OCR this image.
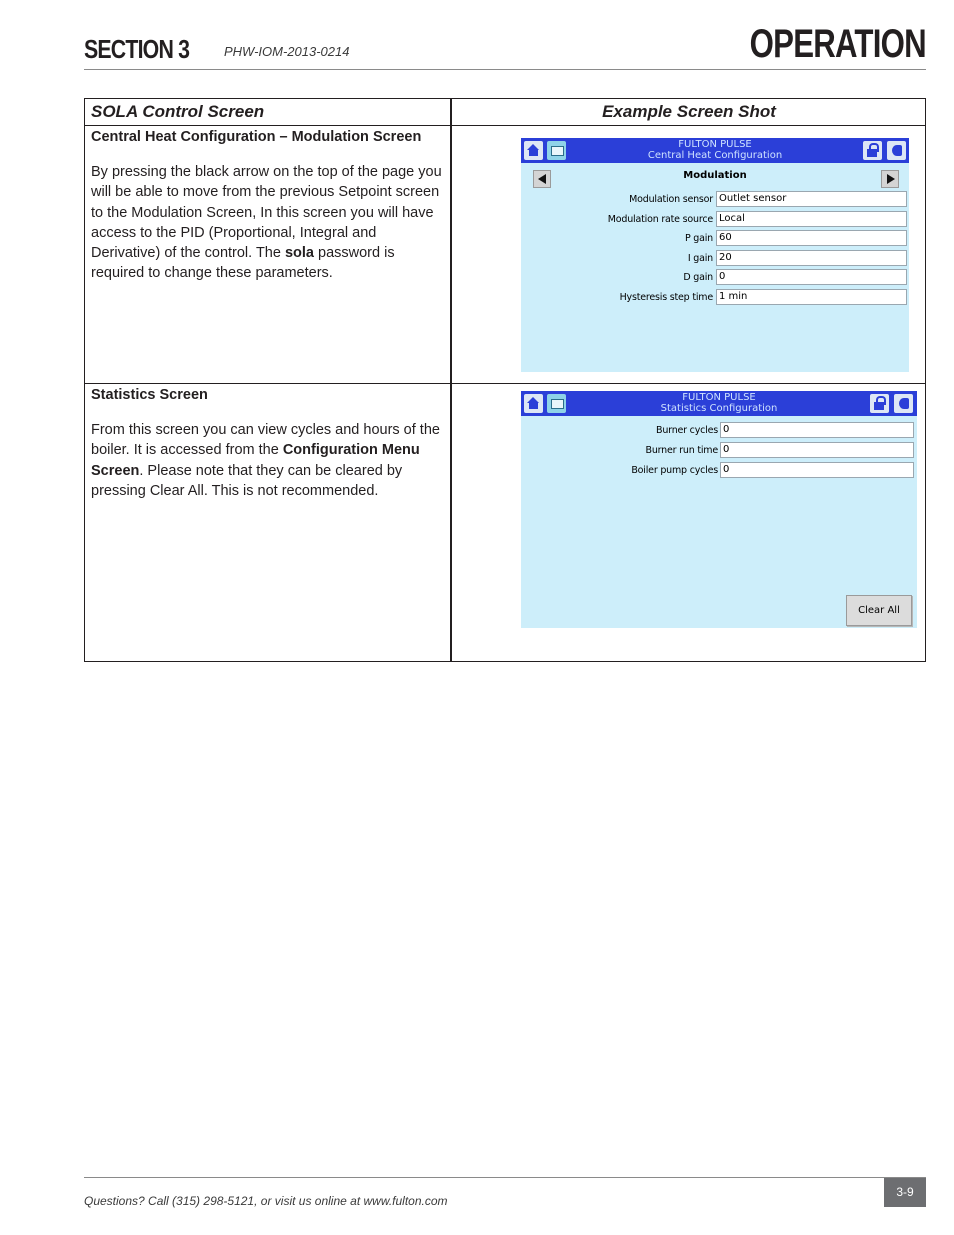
SECTION 3	PHW-IOM-2013-0214	OPERATION
SOLA Control Screen	Example Screen Shot
Central Heat Configuration – Modulation Screen
By pressing the black arrow on the top of the page you will be able to move from the previous Setpoint screen to the Modulation Screen, In this screen you will have access to the PID (Proportional, Integral and Derivative) of the control. The sola password is required to change these parameters.
FULTON PULSE
Central Heat Configuration
Modulation
Modulation sensor Outlet sensor
Modulation rate source Local
P gain 60
I gain 20
D gain 0
Hysteresis step time 1 min
Statistics Screen
From this screen you can view cycles and hours of the boiler. It is accessed from the Configuration Menu Screen. Please note that they can be cleared by pressing Clear All. This is not recommended.
FULTON PULSE
Statistics Configuration
Burner cycles 0
Burner run time 0
Boiler pump cycles 0
Clear All
Questions? Call (315) 298-5121, or visit us online at www.fulton.com
3-9
